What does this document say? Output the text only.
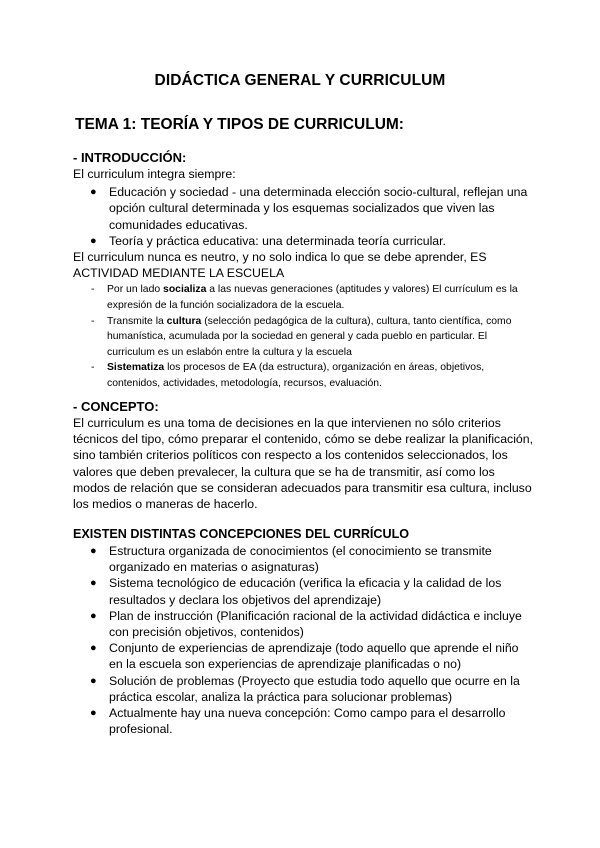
DIDÁCTICA GENERAL Y CURRICULUM
TEMA 1: TEORÍA Y TIPOS DE CURRICULUM:
- INTRODUCCIÓN:

El curriculum integra siempre:

● Educación y sociedad - una determinada elección socio-cultural, reflejan una opción cultural determinada y los esquemas socializados que viven las comunidades educativas.
● Teoría y práctica educativa: una determinada teoría curricular.

El curriculum nunca es neutro, y no solo indica lo que se debe aprender, ES ACTIVIDAD MEDIANTE LA ESCUELA

- Por un lado socializa a las nuevas generaciones (aptitudes y valores) El currículum es la expresión de la función socializadora de la escuela.
- Transmite la cultura (selección pedagógica de la cultura), cultura, tanto científica, como humanística, acumulada por la sociedad en general y cada pueblo en particular. El curriculum es un eslabón entre la cultura y la escuela
- Sistematiza los procesos de EA (da estructura), organización en áreas, objetivos, contenidos, actividades, metodología, recursos, evaluación.
- CONCEPTO:

El curriculum es una toma de decisiones en la que intervienen no sólo criterios técnicos del tipo, cómo preparar el contenido, cómo se debe realizar la planificación, sino también criterios políticos con respecto a los contenidos seleccionados, los valores que deben prevalecer, la cultura que se ha de transmitir, así como los modos de relación que se consideran adecuados para transmitir esa cultura, incluso los medios o maneras de hacerlo.

EXISTEN DISTINTAS CONCEPCIONES DEL CURRÍCULO
● Estructura organizada de conocimientos (el conocimiento se transmite organizado en materias o asignaturas)
● Sistema tecnológico de educación (verifica la eficacia y la calidad de los resultados y declara los objetivos del aprendizaje)
● Plan de instrucción (Planificación racional de la actividad didáctica e incluye con precisión objetivos, contenidos)
● Conjunto de experiencias de aprendizaje (todo aquello que aprende el niño en la escuela son experiencias de aprendizaje planificadas o no)
● Solución de problemas (Proyecto que estudia todo aquello que ocurre en la práctica escolar, analiza la práctica para solucionar problemas)
● Actualmente hay una nueva concepción: Como campo para el desarrollo profesional.
